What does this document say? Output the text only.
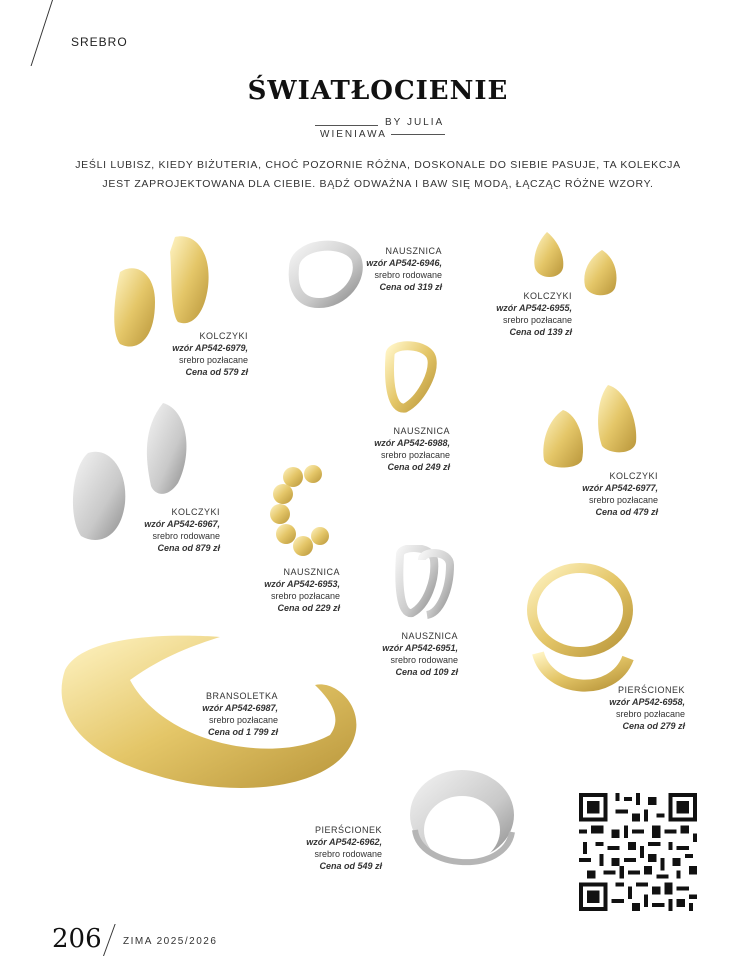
SREBRO
ŚWIATŁOCIENIE
BY JULIA
WIENIAWA
JEŚLI LUBISZ, KIEDY BIŻUTERIA, CHOĆ POZORNIE RÓŻNA, DOSKONALE DO SIEBIE PASUJE, TA KOLEKCJA
JEST ZAPROJEKTOWANA DLA CIEBIE. BĄDŹ ODWAŻNA I BAW SIĘ MODĄ, ŁĄCZĄC RÓŻNE WZORY.
KOLCZYKI
wzór AP542-6979,
srebro pozłacane
Cena od 579 zł
NAUSZNICA
wzór AP542-6946,
srebro rodowane
Cena od 319 zł
KOLCZYKI
wzór AP542-6955,
srebro pozłacane
Cena od 139 zł
NAUSZNICA
wzór AP542-6988,
srebro pozłacane
Cena od 249 zł
KOLCZYKI
wzór AP542-6967,
srebro rodowane
Cena od 879 zł
KOLCZYKI
wzór AP542-6977,
srebro pozłacane
Cena od 479 zł
NAUSZNICA
wzór AP542-6953,
srebro pozłacane
Cena od 229 zł
NAUSZNICA
wzór AP542-6951,
srebro rodowane
Cena od 109 zł
BRANSOLETKA
wzór AP542-6987,
srebro pozłacane
Cena od 1 799 zł
PIERŚCIONEK
wzór AP542-6958,
srebro pozłacane
Cena od 279 zł
PIERŚCIONEK
wzór AP542-6962,
srebro rodowane
Cena od 549 zł
206 ZIMA 2025/2026
